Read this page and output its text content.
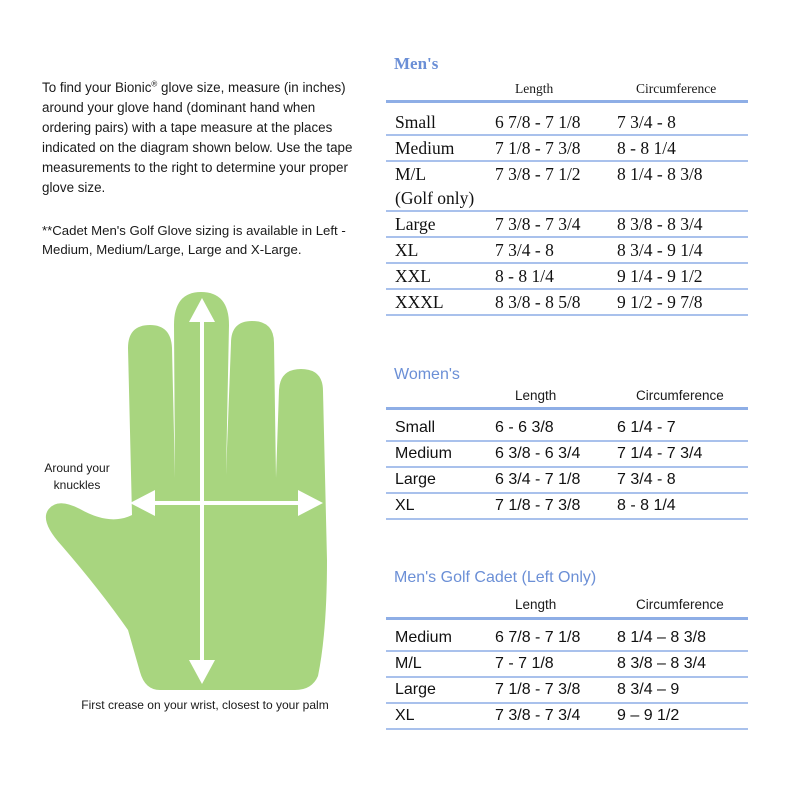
To find your Bionic® glove size, measure (in inches) around your glove hand (dominant hand when ordering pairs) with a tape measure at the places indicated on the diagram shown below. Use the tape measurements to the right to determine your proper glove size.
**Cadet Men's Golf Glove sizing is available in Left - Medium, Medium/Large, Large and X-Large.
Around your knuckles
First crease on your wrist, closest to your palm
Men's
Length	Circumference
Small	6 7/8 - 7 1/8	7 3/4 - 8
Medium	7 1/8 - 7 3/8	8 - 8 1/4
M/L	7 3/8 - 7 1/2	8 1/4 - 8 3/8
(Golf only)		
Large	7 3/8 - 7 3/4	8 3/8 - 8 3/4
XL	7 3/4 - 8	8 3/4 - 9 1/4
XXL	8 - 8 1/4	9 1/4 - 9 1/2
XXXL	8 3/8 - 8 5/8	9 1/2 - 9 7/8
Women's
Length	Circumference
Small	6 - 6 3/8	6 1/4 - 7
Medium	6 3/8 - 6 3/4	7 1/4 - 7 3/4
Large	6 3/4 - 7 1/8	7 3/4 - 8
XL	7 1/8 - 7 3/8	8 - 8 1/4
Men's Golf Cadet (Left Only)
Length	Circumference
Medium	6 7/8 - 7 1/8	8 1/4 – 8 3/8
M/L	7 - 7 1/8	8 3/8 – 8 3/4
Large	7 1/8 - 7 3/8	8 3/4 – 9
XL	7 3/8 - 7 3/4	9 – 9 1/2
